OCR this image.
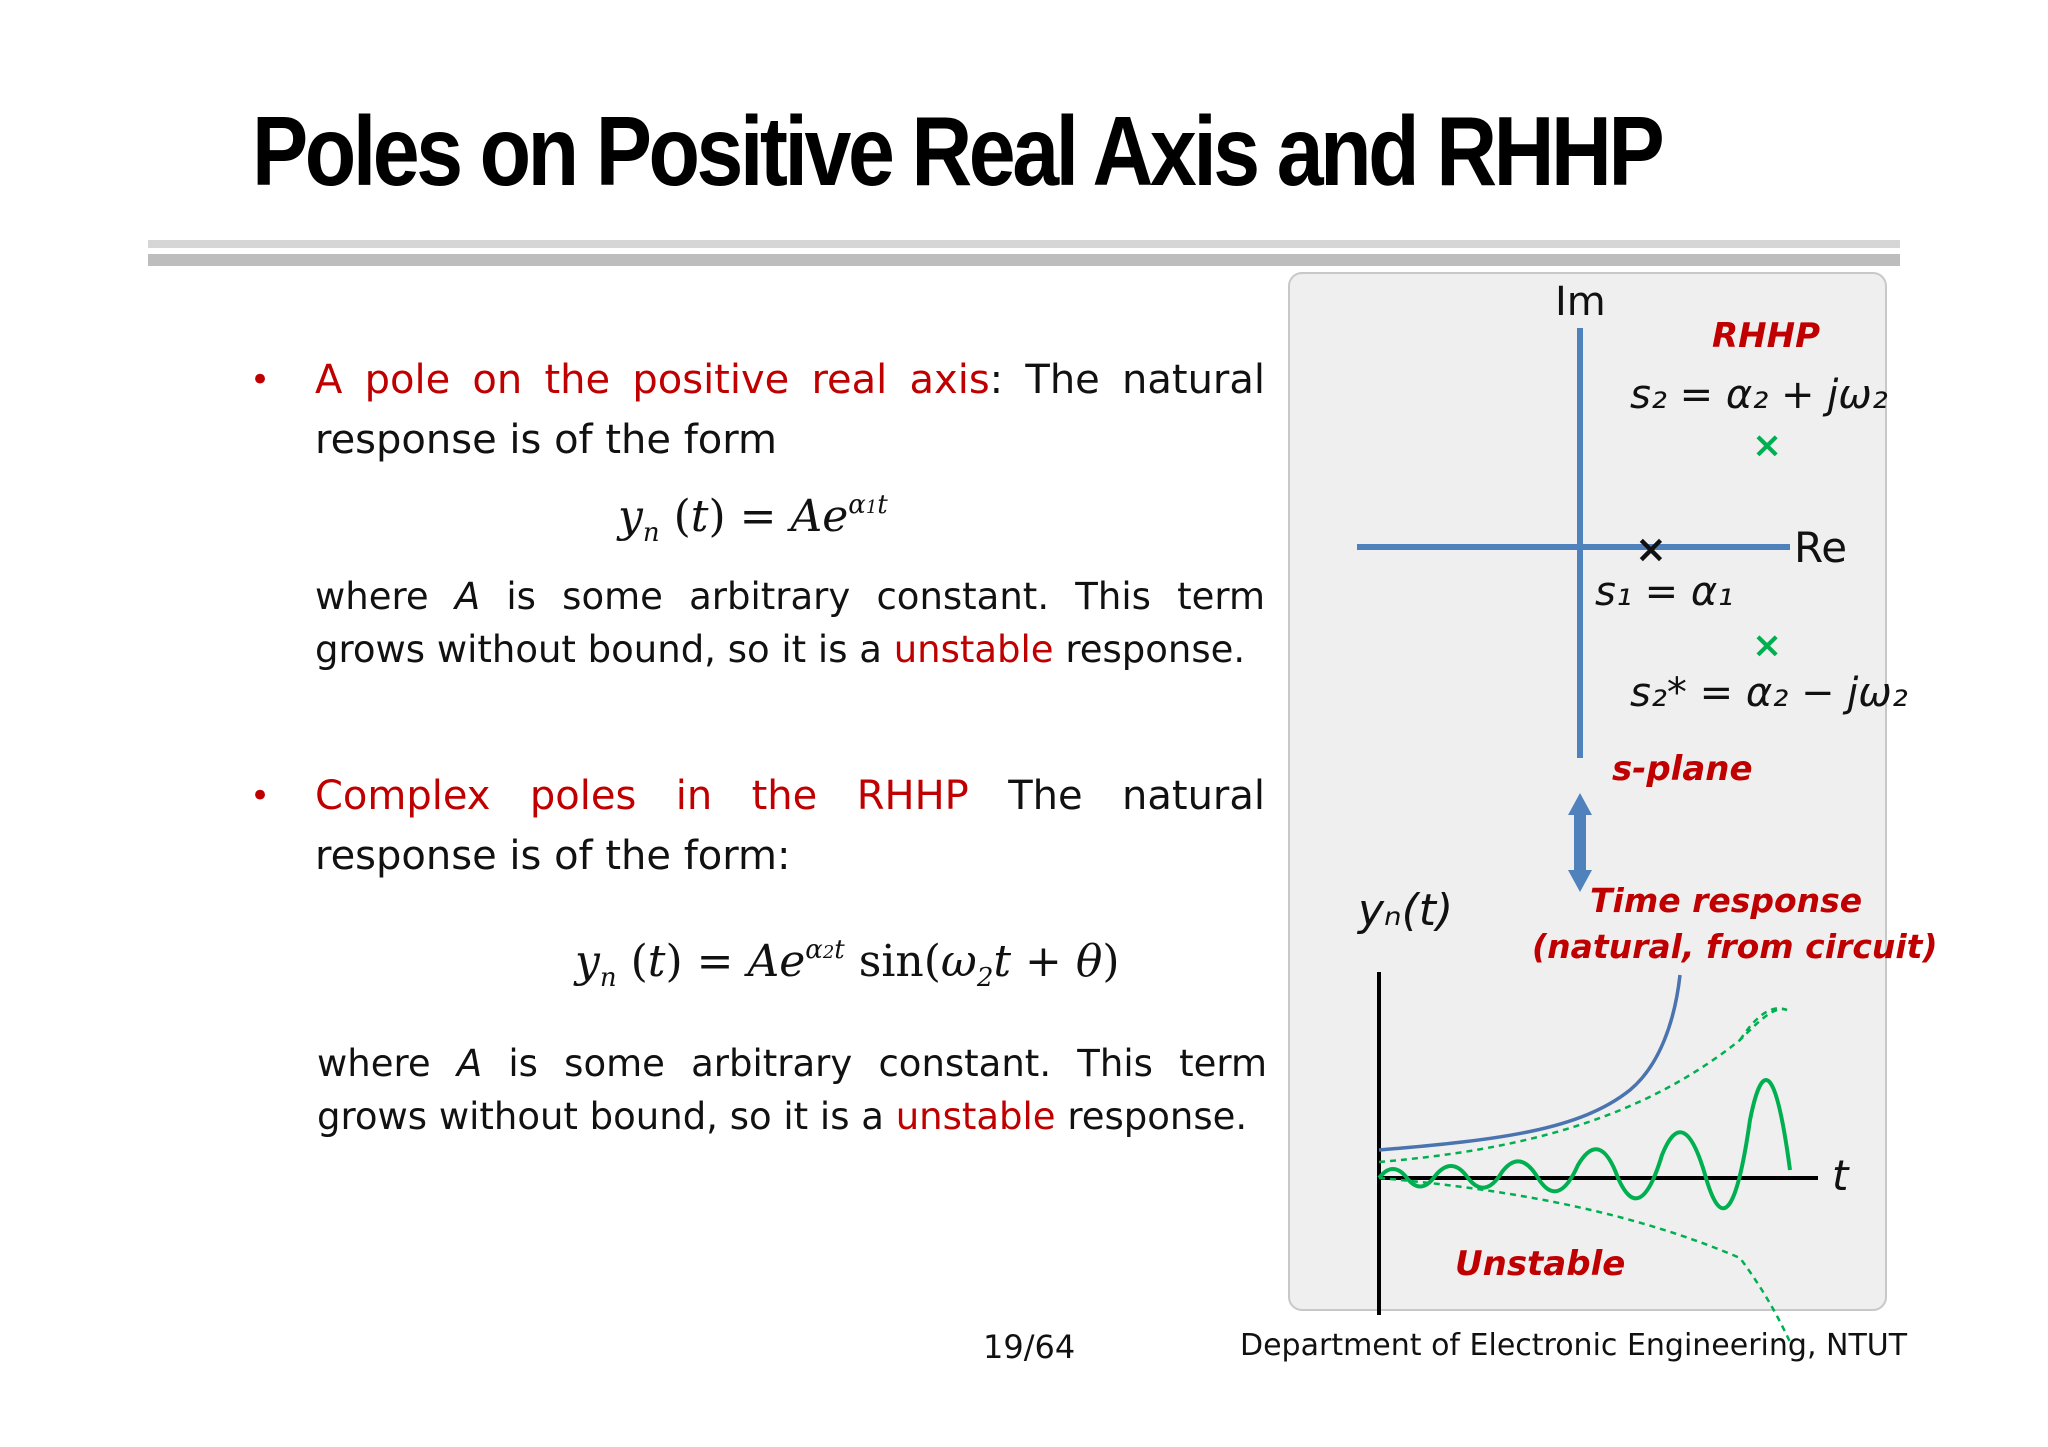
Poles on Positive Real Axis and RHHP
• A pole on the positive real axis: The natural response is of the form
$y_n$ $(t) = Ae^{\alpha 1t}$
where A is some arbitrary constant. This term grows without bound, so it is a unstable response.
• Complex poles in the RHHP The natural response is of the form:
$y_n$ $(t) = Ae^{\alpha 2t}$ $\sin(\omega_2t + \theta)$
where A is some arbitrary constant. This term grows without bound, so it is a unstable response.
Im
Re
RHHP
s₂ = α₂ + jω₂
×
×
s₁ = α₁
×
s₂* = α₂ − jω₂
s-plane
yₙ(t)	Time response
(natural, from circuit)
t
Unstable
19/64	Department of Electronic Engineering, NTUT
